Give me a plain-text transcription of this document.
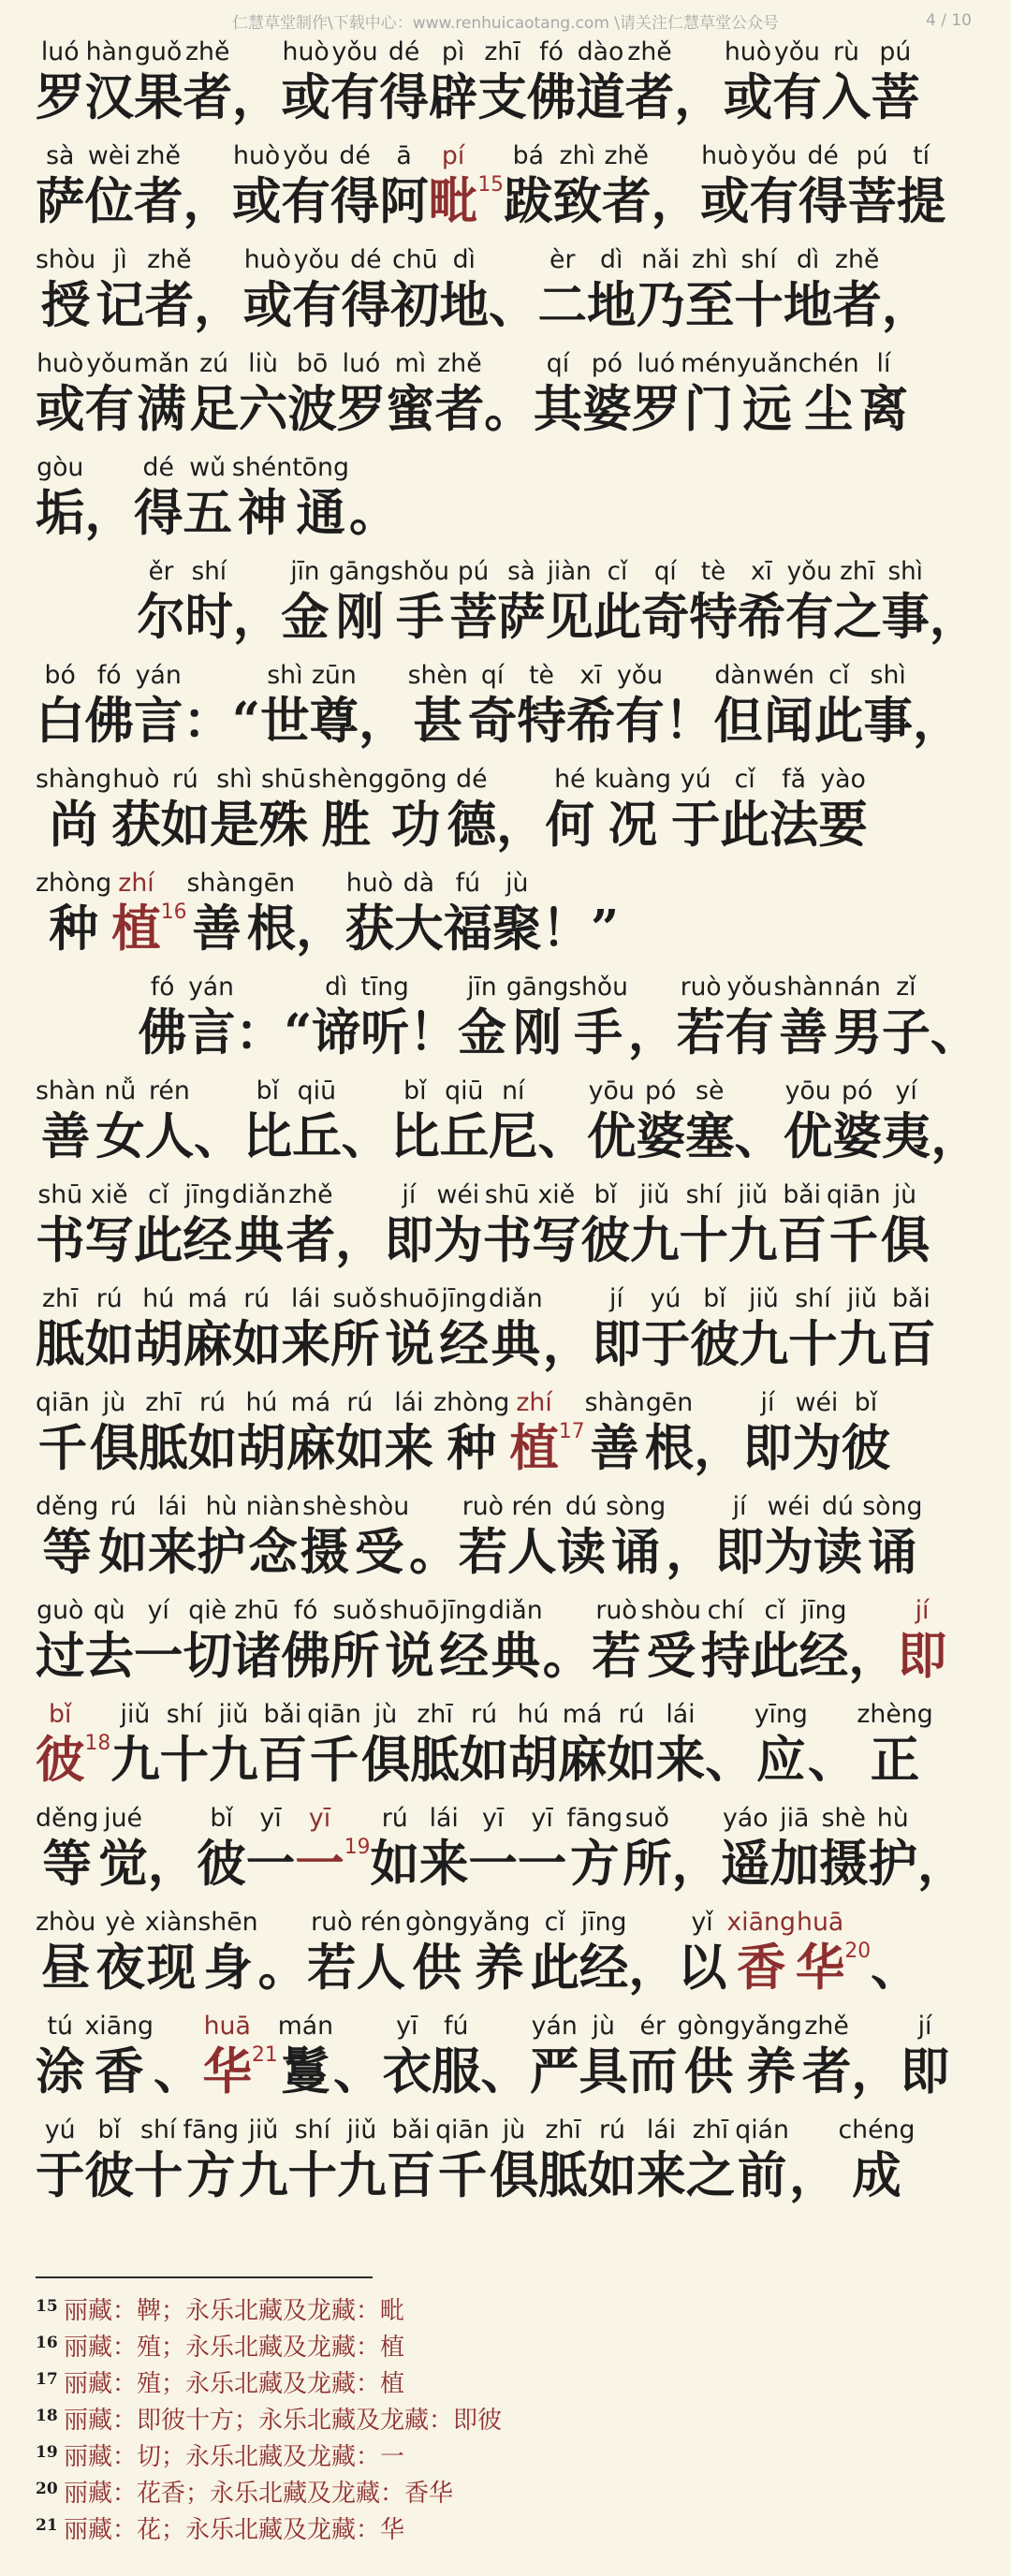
仁慧草堂制作\下载中心：www.renhuicaotang.com \请关注仁慧草堂公众号	4 / 10
luó
罗
hàn
汉
guǒ
果
zhě
者
，
huò
或
yǒu
有
dé
得
pì
辟
zhī
支
fó
佛
dào
道
zhě
者
，
huò
或
yǒu
有
rù
入
pú
菩
sà
萨
wèi
位
zhě
者
，
huò
或
yǒu
有
dé
得
ā
阿
pí
毗 15
bá
跋
zhì
致
zhě
者
，
huò
或
yǒu
有
dé
得
pú
菩
tí
提
shòu
授
jì
记
zhě
者
，
huò
或
yǒu
有
dé
得
chū
初
dì
地
、
èr
二
dì
地
nǎi
乃
zhì
至
shí
十
dì
地
zhě
者
，
huò
或
yǒu
有
mǎn
满
zú
足
liù
六
bō
波
luó
罗
mì
蜜
zhě
者
。
qí
其
pó
婆
luó
罗
mén
门
yuǎn
远
chén
尘
lí
离
gòu
垢
，
dé
得
wǔ
五
shén
神
tōng
通
。
ěr
尔
shí
时
，
jīn
金
gāng
刚
shǒu
手
pú
菩
sà
萨
jiàn
见
cǐ
此
qí
奇
tè
特
xī
希
yǒu
有
zhī
之
shì
事
，
bó
白
fó
佛
yán
言
：“
shì
世
zūn
尊
，
shèn
甚
qí
奇
tè
特
xī
希
yǒu
有
！
dàn
但
wén
闻
cǐ
此
shì
事
，
shàng
尚
huò
获
rú
如
shì
是
shū
殊
shèng
胜
gōng
功
dé
德
，
hé
何
kuàng
况
yú
于
cǐ
此
fǎ
法
yào
要
zhòng
种
zhí
植 16
shàn
善
gēn
根
，
huò
获
dà
大
fú
福
jù
聚
！”
fó
佛
yán
言
：“
dì
谛
tīng
听
！
jīn
金
gāng
刚
shǒu
手
，
ruò
若
yǒu
有
shàn
善
nán
男
zǐ
子
、
shàn
善
nǚ
女
rén
人
、
bǐ
比
qiū
丘
、
bǐ
比
qiū
丘
ní
尼
、
yōu
优
pó
婆
sè
塞
、
yōu
优
pó
婆
yí
夷
，
shū
书
xiě
写
cǐ
此
jīng
经
diǎn
典
zhě
者
，
jí
即
wéi
为
shū
书
xiě
写
bǐ
彼
jiǔ
九
shí
十
jiǔ
九
bǎi
百
qiān
千
jù
俱
zhī
胝
rú
如
hú
胡
má
麻
rú
如
lái
来
suǒ
所
shuō
说
jīng
经
diǎn
典
，
jí
即
yú
于
bǐ
彼
jiǔ
九
shí
十
jiǔ
九
bǎi
百
qiān
千
jù
俱
zhī
胝
rú
如
hú
胡
má
麻
rú
如
lái
来
zhòng
种
zhí
植 17
shàn
善
gēn
根
，
jí
即
wéi
为
bǐ
彼
děng
等
rú
如
lái
来
hù
护
niàn
念
shè
摄
shòu
受
。
ruò
若
rén
人
dú
读
sòng
诵
，
jí
即
wéi
为
dú
读
sòng
诵
guò
过
qù
去
yí
一
qiè
切
zhū
诸
fó
佛
suǒ
所
shuō
说
jīng
经
diǎn
典
。
ruò
若
shòu
受
chí
持
cǐ
此
jīng
经
，
jí
即
bǐ
彼 18
jiǔ
九
shí
十
jiǔ
九
bǎi
百
qiān
千
jù
俱
zhī
胝
rú
如
hú
胡
má
麻
rú
如
lái
来
、
yīng
应
、
zhèng
正
děng
等
jué
觉
，
bǐ
彼
yī
一
yī
一 19
rú
如
lái
来
yī
一
yī
一
fāng
方
suǒ
所
，
yáo
遥
jiā
加
shè
摄
hù
护
，
zhòu
昼
yè
夜
xiàn
现
shēn
身
。
ruò
若
rén
人
gòng
供
yǎng
养
cǐ
此
jīng
经
，
yǐ
以
xiāng
香
huā
华 20
、
tú
涂
xiāng
香
、
huā
华 21
mán
鬘
、
yī
衣
fú
服
、
yán
严
jù
具
ér
而
gòng
供
yǎng
养
zhě
者
，
jí
即
yú
于
bǐ
彼
shí
十
fāng
方
jiǔ
九
shí
十
jiǔ
九
bǎi
百
qiān
千
jù
俱
zhī
胝
rú
如
lái
来
zhī
之
qián
前
，
chéng
成
15 丽藏：鞞；永乐北藏及龙藏：毗
16 丽藏：殖；永乐北藏及龙藏：植
17 丽藏：殖；永乐北藏及龙藏：植
18 丽藏：即彼十方；永乐北藏及龙藏：即彼
19 丽藏：切；永乐北藏及龙藏：一
20 丽藏：花香；永乐北藏及龙藏：香华
21 丽藏：花；永乐北藏及龙藏：华
